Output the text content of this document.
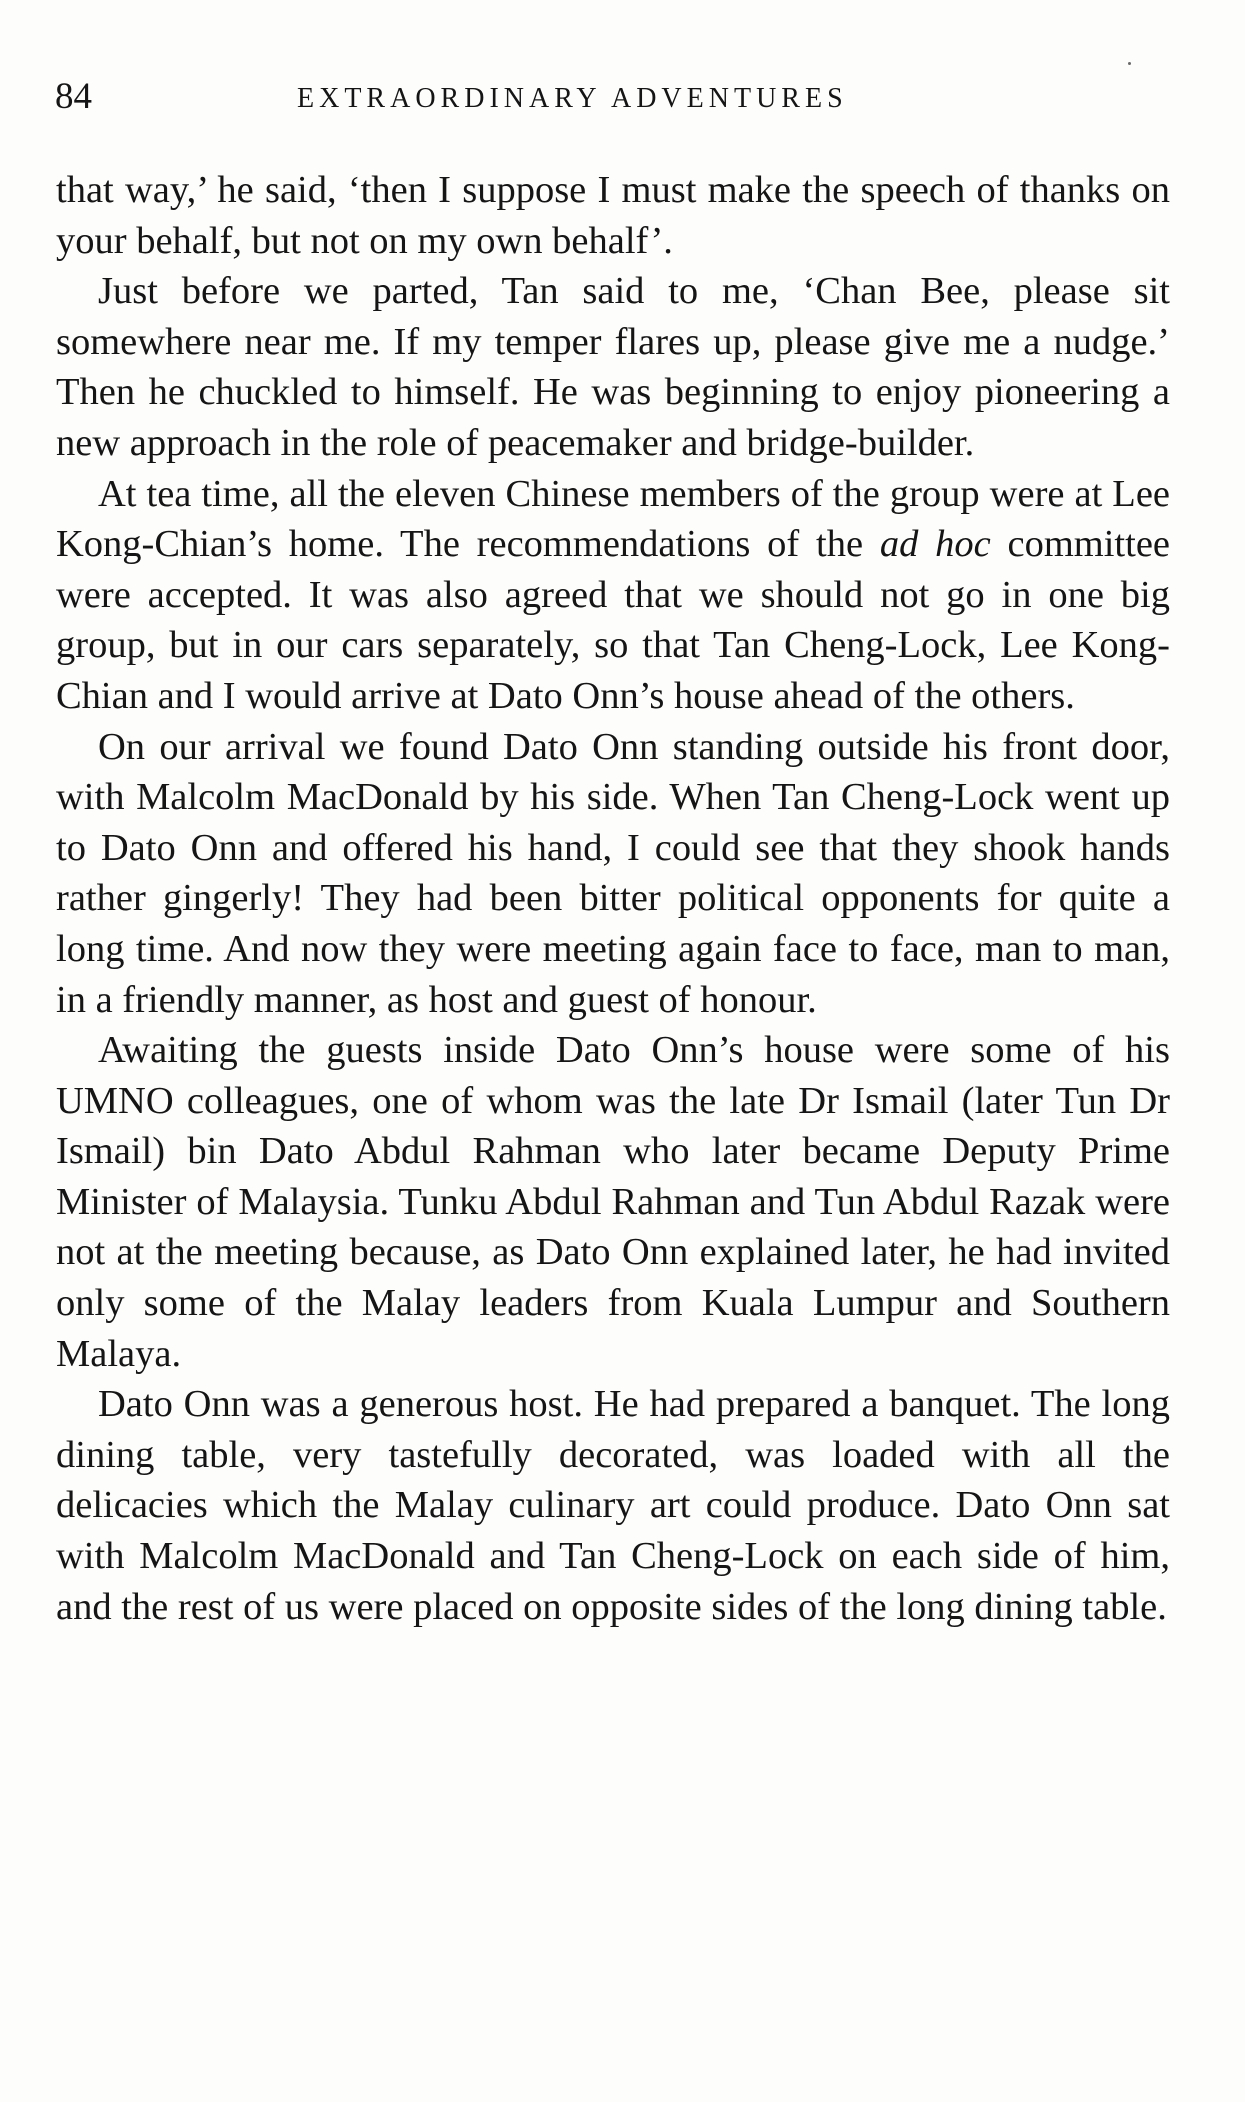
84	EXTRAORDINARY ADVENTURES

that way,’ he said, ‘then I suppose I must make the speech of thanks on your behalf, but not on my own behalf’.

Just before we parted, Tan said to me, ‘Chan Bee, please sit somewhere near me. If my temper flares up, please give me a nudge.’ Then he chuckled to himself. He was beginning to enjoy pioneering a new approach in the role of peacemaker and bridge-builder.

At tea time, all the eleven Chinese members of the group were at Lee Kong-Chian’s home. The recommendations of the ad hoc committee were accepted. It was also agreed that we should not go in one big group, but in our cars separately, so that Tan Cheng-Lock, Lee Kong-Chian and I would arrive at Dato Onn’s house ahead of the others.

On our arrival we found Dato Onn standing outside his front door, with Malcolm MacDonald by his side. When Tan Cheng-Lock went up to Dato Onn and offered his hand, I could see that they shook hands rather gingerly! They had been bitter political opponents for quite a long time. And now they were meeting again face to face, man to man, in a friendly manner, as host and guest of honour.

Awaiting the guests inside Dato Onn’s house were some of his UMNO colleagues, one of whom was the late Dr Ismail (later Tun Dr Ismail) bin Dato Abdul Rahman who later became Deputy Prime Minister of Malaysia. Tunku Abdul Rahman and Tun Abdul Razak were not at the meeting because, as Dato Onn explained later, he had invited only some of the Malay leaders from Kuala Lumpur and Southern Malaya.

Dato Onn was a generous host. He had prepared a banquet. The long dining table, very tastefully decorated, was loaded with all the delicacies which the Malay culinary art could produce. Dato Onn sat with Malcolm MacDonald and Tan Cheng-Lock on each side of him, and the rest of us were placed on opposite sides of the long dining table.
